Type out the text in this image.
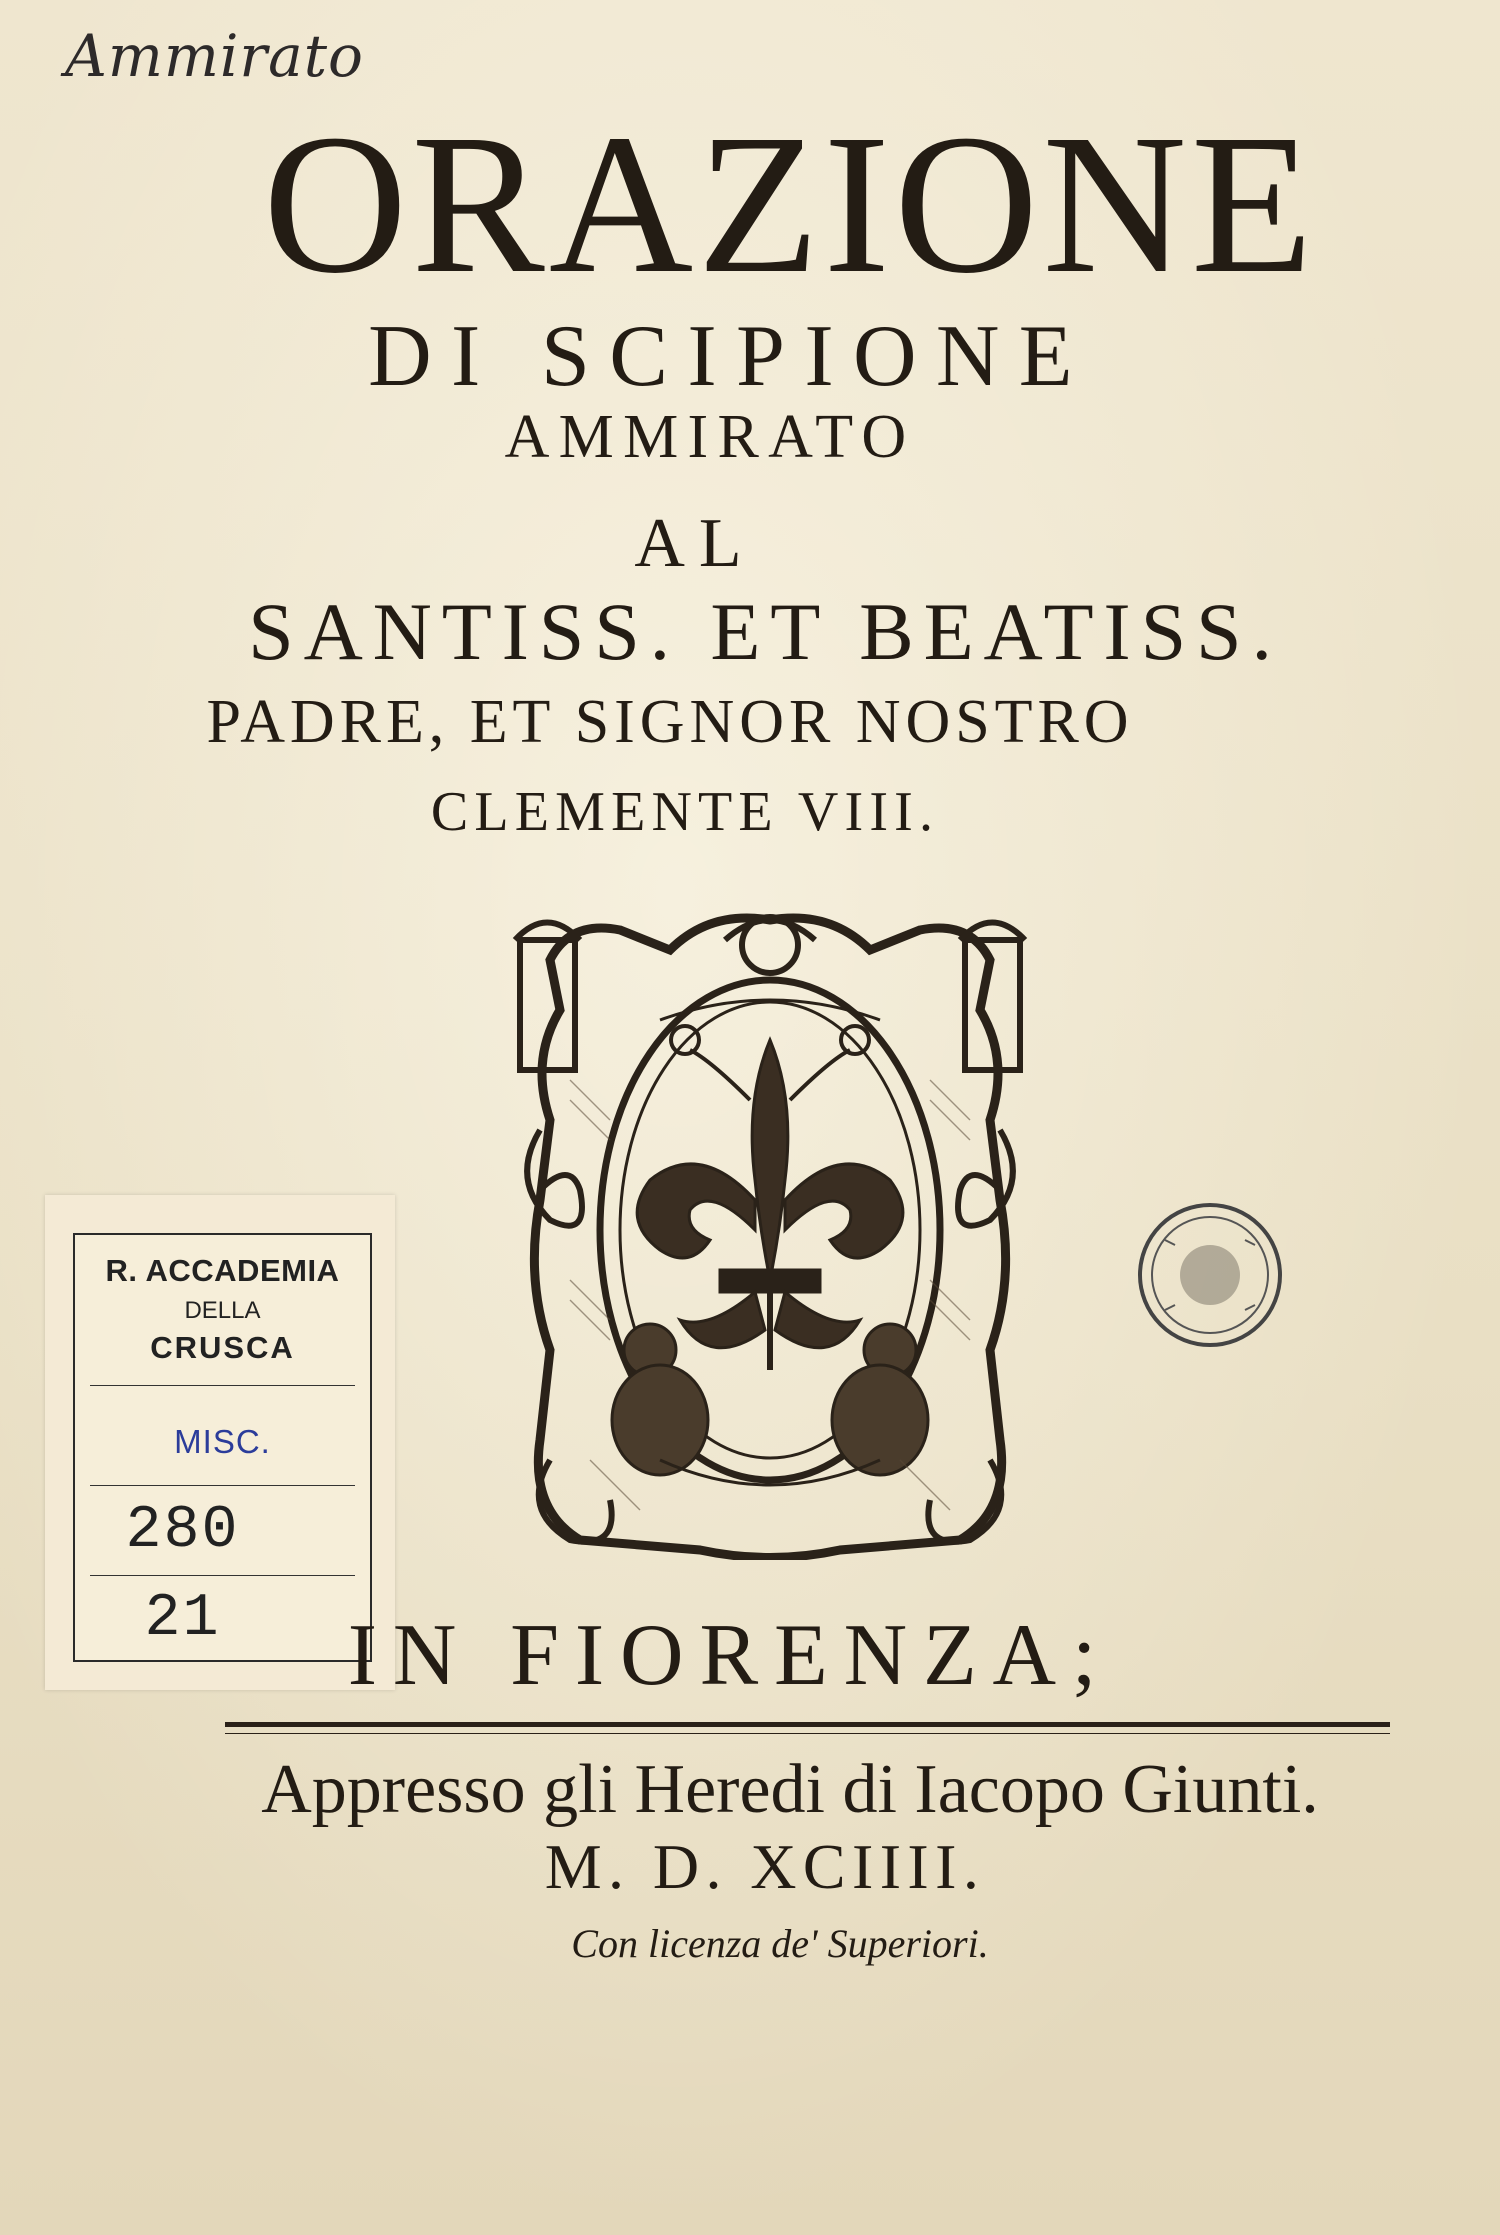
Ammirato
ORAZIONE
DI SCIPIONE
AMMIRATO
AL
SANTISS. ET BEATISS.
PADRE, ET SIGNOR NOSTRO
CLEMENTE VIII.
R. ACCADEMIA
DELLA
CRUSCA
MISC.
280
21	IN FIORENZA;
Appresso gli Heredi di Iacopo Giunti.
M. D. XCIIII.
Con licenza de' Superiori.
